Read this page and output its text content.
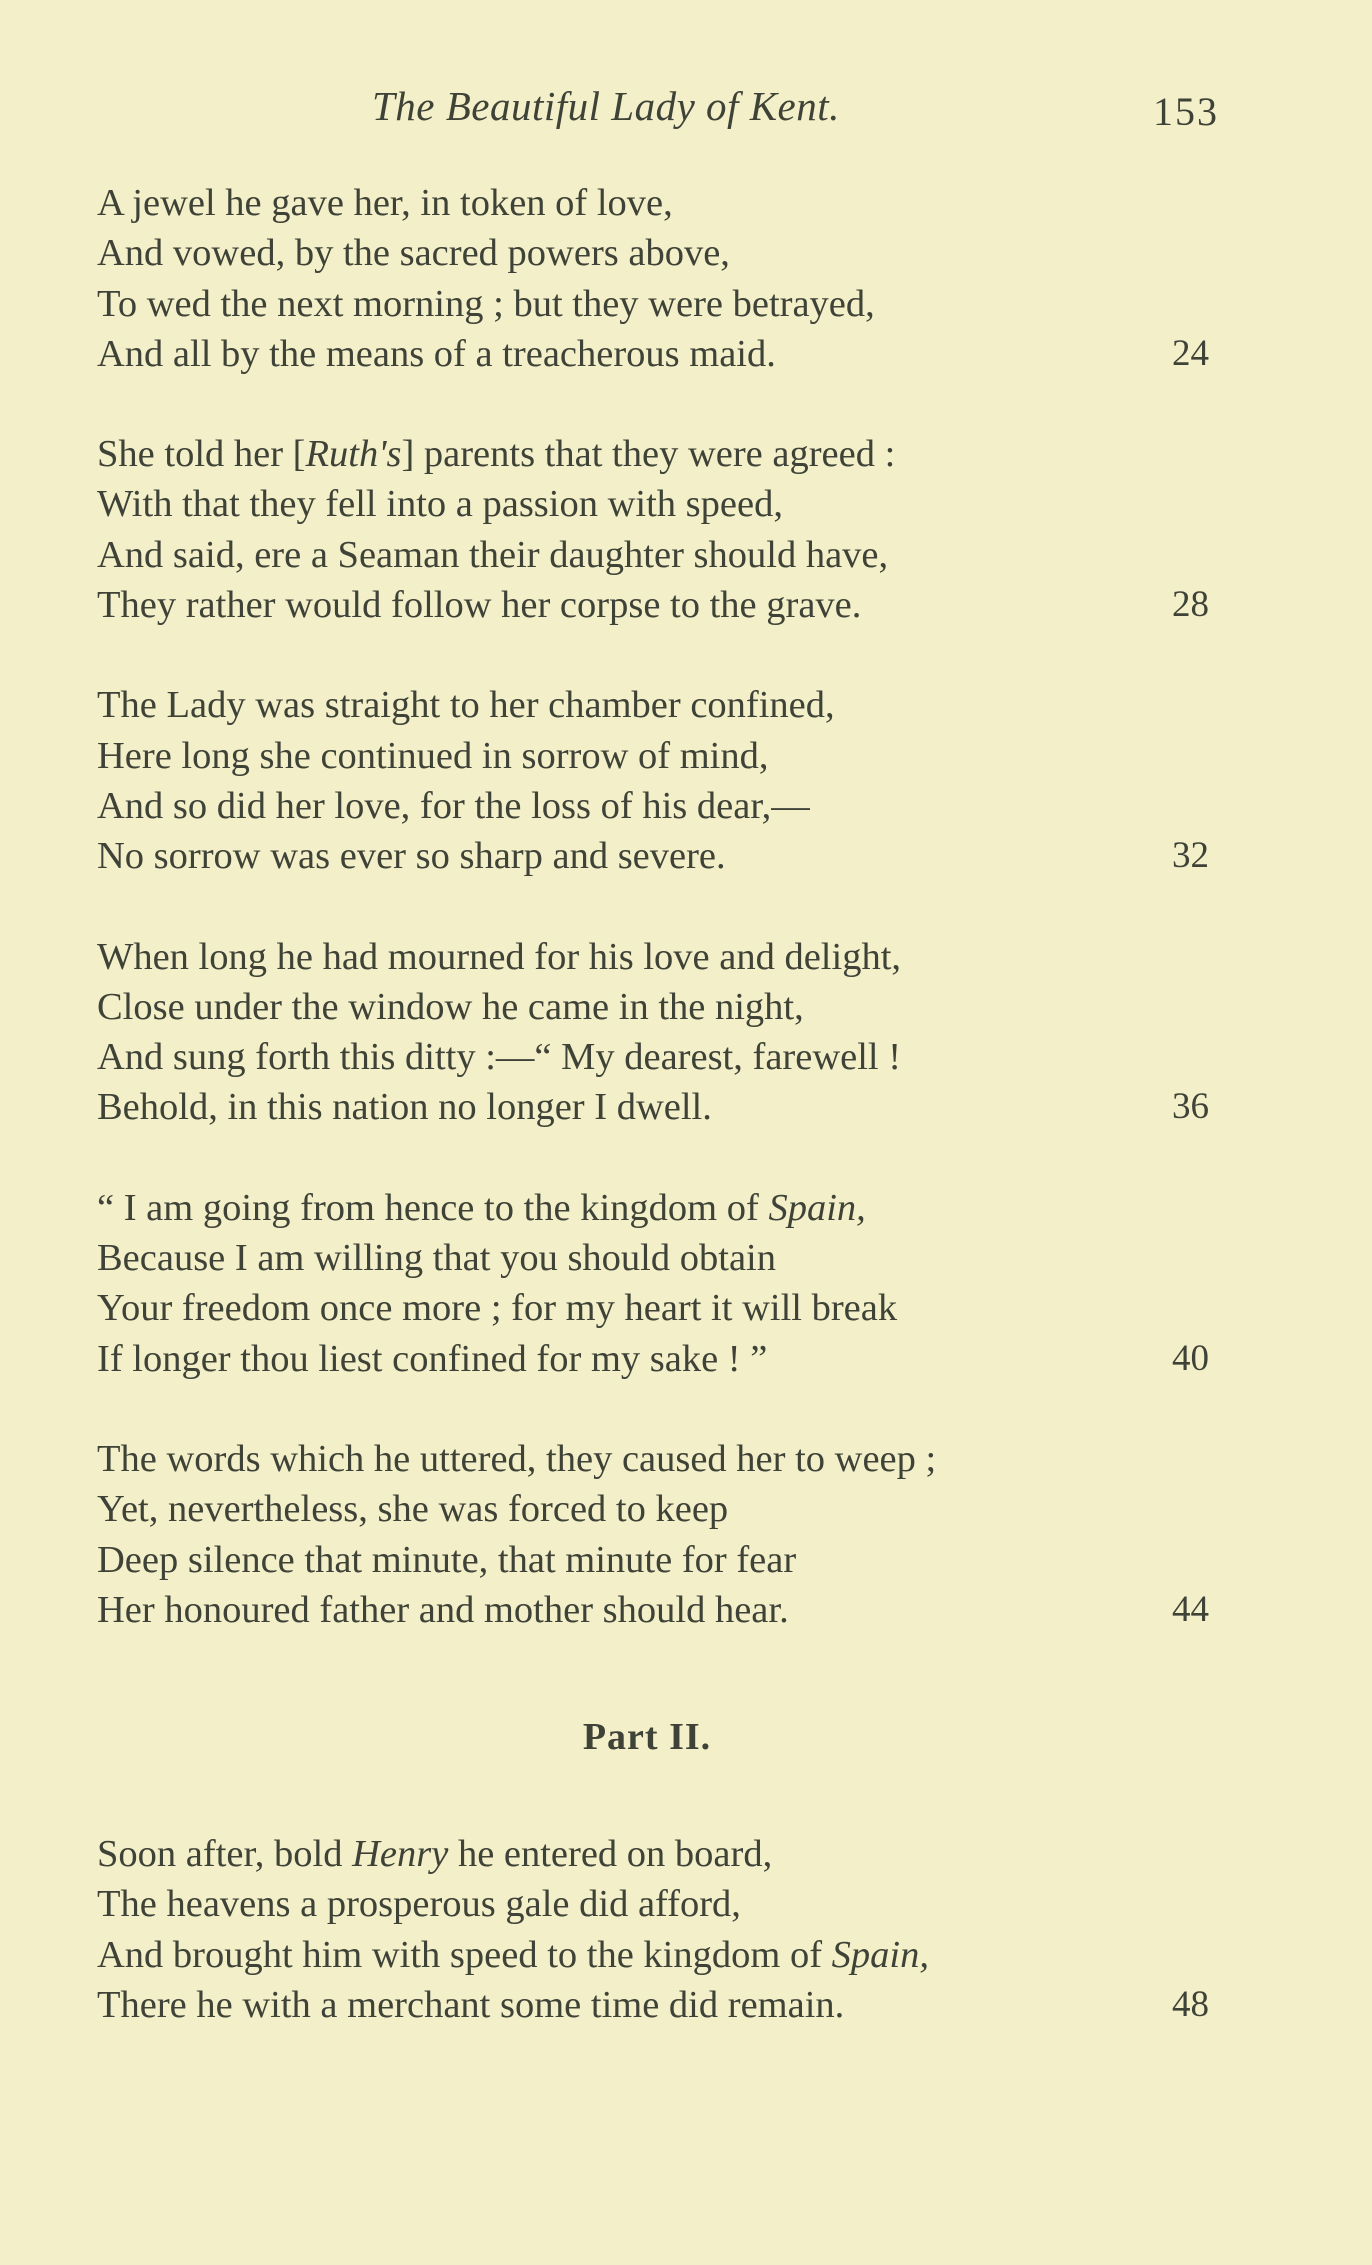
The Beautiful Lady of Kent.	153
A jewel he gave her, in token of love,
And vowed, by the sacred powers above,
To wed the next morning ; but they were betrayed,
And all by the means of a treacherous maid.	24
She told her [Ruth's] parents that they were agreed :
With that they fell into a passion with speed,
And said, ere a Seaman their daughter should have,
They rather would follow her corpse to the grave.	28
The Lady was straight to her chamber confined,
Here long she continued in sorrow of mind,
And so did her love, for the loss of his dear,—
No sorrow was ever so sharp and severe.	32
When long he had mourned for his love and delight,
Close under the window he came in the night,
And sung forth this ditty :—“ My dearest, farewell !
Behold, in this nation no longer I dwell.	36
“ I am going from hence to the kingdom of Spain,
Because I am willing that you should obtain
Your freedom once more ; for my heart it will break
If longer thou liest confined for my sake ! ”	40
The words which he uttered, they caused her to weep ;
Yet, nevertheless, she was forced to keep
Deep silence that minute, that minute for fear
Her honoured father and mother should hear.	44
Part II.
Soon after, bold Henry he entered on board,
The heavens a prosperous gale did afford,
And brought him with speed to the kingdom of Spain,
There he with a merchant some time did remain.	48
